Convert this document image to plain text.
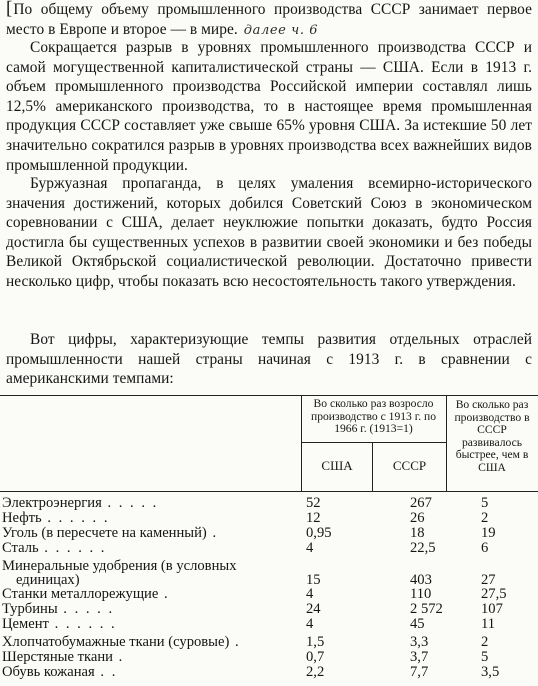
[По общему объему промышленного производства СССР занимает первое место в Европе и второе — в мире. далее ч. 6

Сокращается разрыв в уровнях промышленного производства СССР и самой могущественной капиталистической страны — США. Если в 1913 г. объем промышленного производства Российской империи составлял лишь 12,5% американского производства, то в настоящее время промышленная продукция СССР составляет уже свыше 65% уровня США. За истекшие 50 лет значительно сократился разрыв в уровнях производства всех важнейших видов промышленной продукции.

Буржуазная пропаганда, в целях умаления всемирно-исторического значения достижений, которых добился Советский Союз в экономическом соревновании с США, делает неуклюжие попытки доказать, будто Россия достигла бы существенных успехов в развитии своей экономики и без победы Великой Октябрьской социалистической революции. Достаточно привести несколько цифр, чтобы показать всю несостоятельность такого утверждения.

Вот цифры, характеризующие темпы развития отдельных отраслей промышленности нашей страны начиная с 1913 г. в сравнении с американскими темпами:

Во сколько раз возросло производство с 1913 г. по 1966 г. (1913=1)
США	СССР
Во сколько раз производство в СССР развивалось быстрее, чем в США
Электроэнергия . . . . .	52	267	5
Нефть . . . . . .	12	26	2
Уголь (в пересчете на каменный) .	0,95	18	19
Сталь . . . . . .	4	22,5	6
Минеральные удобрения (в условных
единицах)	15	403	27
Станки металлорежущие .	4	110	27,5
Турбины . . . . .	24	2 572	107
Цемент . . . . . .	4	45	11
Хлопчатобумажные ткани (суровые) .	1,5	3,3	2
Шерстяные ткани .	0,7	3,7	5
Обувь кожаная . .	2,2	7,7	3,5
